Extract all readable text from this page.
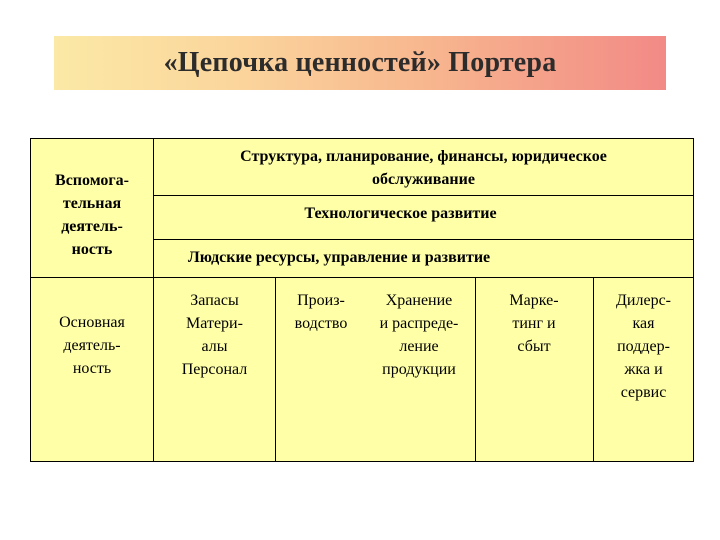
«Цепочка ценностей» Портера
Вспомога-
тельная
деятель-
ность
Основная
деятель-
ность
Структура, планирование, финансы, юридическое
обслуживание
Технологическое развитие
Людские ресурсы, управление и развитие
Запасы
Матери-
алы
Персонал
Произ-
водство
Хранение
и распреде-
ление
продукции
Марке-
тинг и
сбыт
Дилерс-
кая
поддер-
жка и
сервис
